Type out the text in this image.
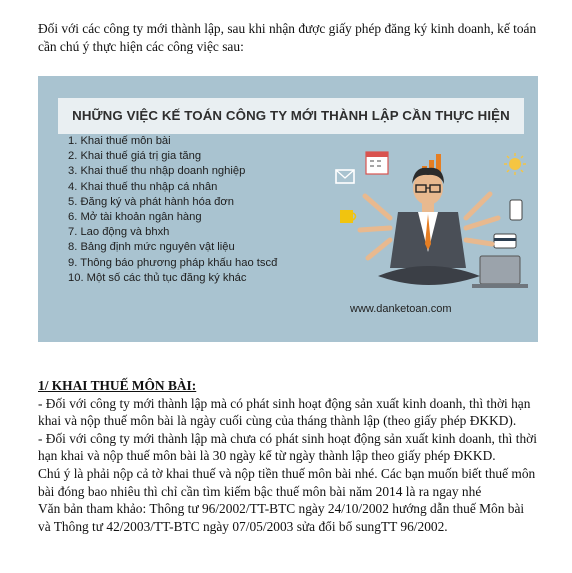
Đối với các công ty mới thành lập, sau khi nhận được giấy phép đăng ký kinh doanh, kế toán cần chú ý thực hiện các công việc sau:

NHỮNG VIỆC KẾ TOÁN CÔNG TY MỚI THÀNH LẬP CẦN THỰC HIỆN
1. Khai thuế môn bài
2. Khai thuế giá trị gia tăng
3. Khai thuế thu nhập doanh nghiệp
4. Khai thuế thu nhập cá nhân
5. Đăng ký và phát hành hóa đơn
6. Mở tài khoản ngân hàng
7. Lao động và bhxh
8. Bảng định mức nguyên vật liệu
9. Thông báo phương pháp khấu hao tscđ
10. Một số các thủ tục đăng ký khác
www.danketoan.com

1/ KHAI THUẾ MÔN BÀI:

- Đối với công ty mới thành lập mà có phát sinh hoạt động sản xuất kinh doanh, thì thời hạn khai và nộp thuế môn bài là ngày cuối cùng của tháng thành lập (theo giấy phép ĐKKD).

- Đối với công ty mới thành lập mà chưa có phát sinh hoạt động sản xuất kinh doanh, thì thời hạn khai và nộp thuế môn bài là 30 ngày kể từ ngày thành lập theo giấy phép ĐKKD.

Chú ý là phải nộp cả tờ khai thuế và nộp tiền thuế môn bài nhé. Các bạn muốn biết thuế môn bài đóng bao nhiêu thì chỉ cần tìm kiếm bậc thuế môn bài năm 2014 là ra ngay nhé

Văn bản tham khảo: Thông tư 96/2002/TT-BTC ngày 24/10/2002 hướng dẫn thuế Môn bài và Thông tư 42/2003/TT-BTC ngày 07/05/2003 sửa đổi bổ sungTT 96/2002.
